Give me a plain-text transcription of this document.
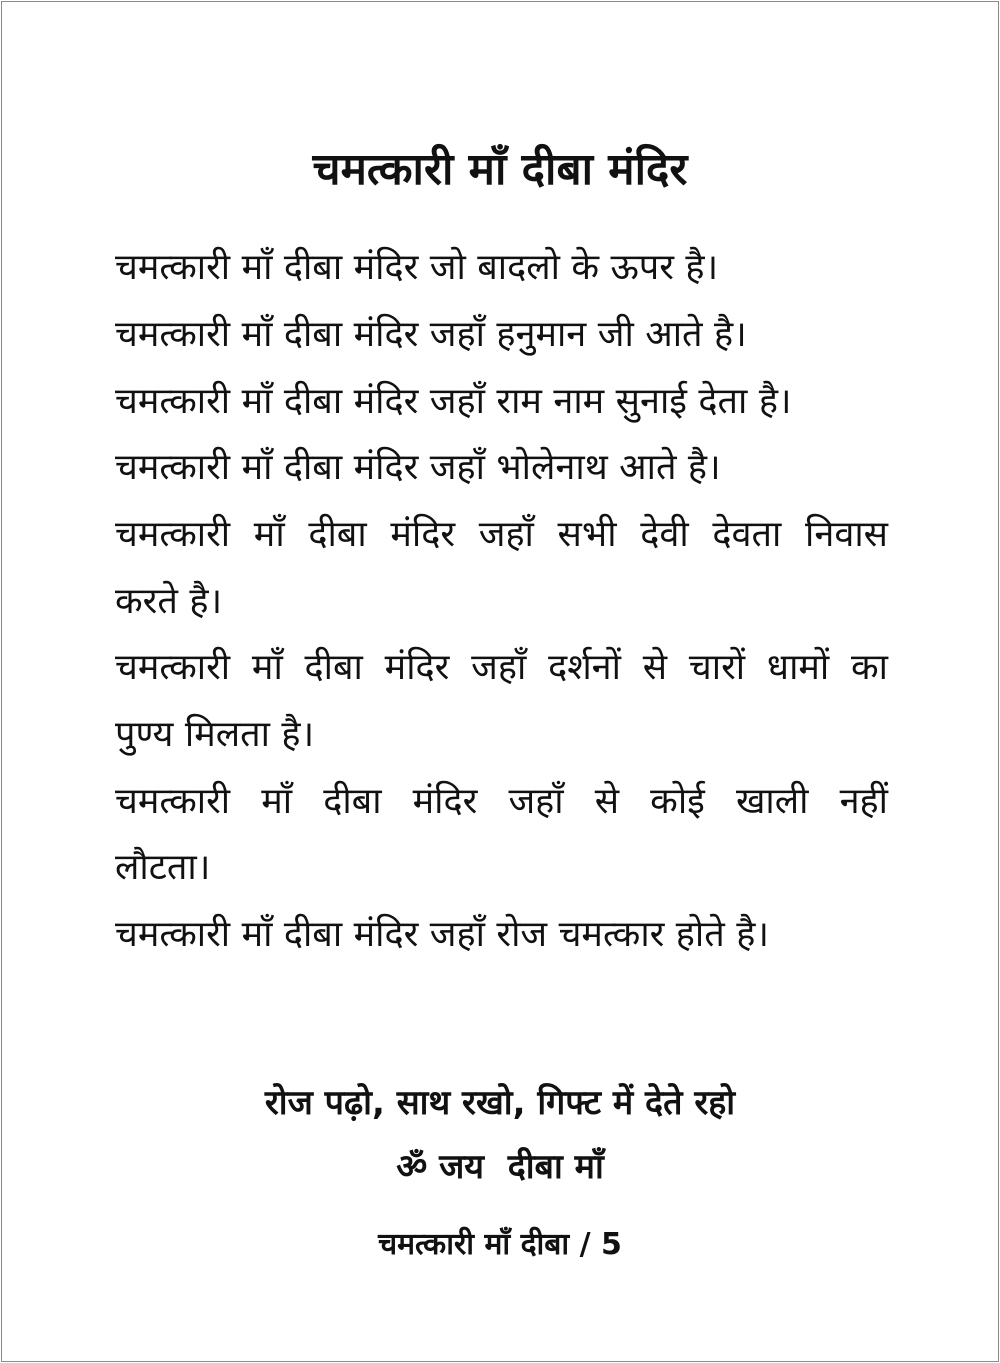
चमत्कारी माँ दीबा मंदिर
चमत्कारी माँ दीबा मंदिर जो बादलो के ऊपर है।
चमत्कारी माँ दीबा मंदिर जहाँ हनुमान जी आते है।
चमत्कारी माँ दीबा मंदिर जहाँ राम नाम सुनाई देता है।
चमत्कारी माँ दीबा मंदिर जहाँ भोलेनाथ आते है।
चमत्कारी माँ दीबा मंदिर जहाँ सभी देवी देवता निवास
करते है।
चमत्कारी माँ दीबा मंदिर जहाँ दर्शनों से चारों धामों का
पुण्य मिलता है।
चमत्कारी माँ दीबा मंदिर जहाँ से कोई खाली नहीं
लौटता।
चमत्कारी माँ दीबा मंदिर जहाँ रोज चमत्कार होते है।
रोज पढ़ो, साथ रखो, गिफ्ट में देते रहो
ॐ जय  दीबा माँ
चमत्कारी माँ दीबा / 5
